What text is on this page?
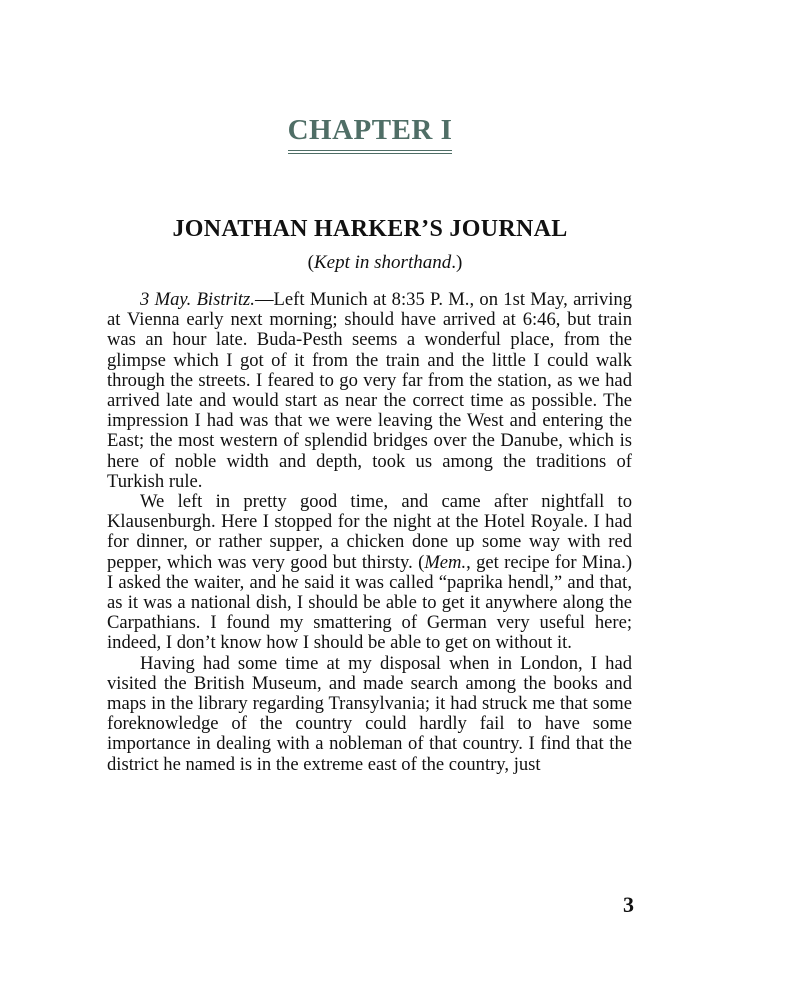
CHAPTER I
JONATHAN HARKER’S JOURNAL
(Kept in shorthand.)

3 May. Bistritz.—Left Munich at 8:35 P. M., on 1st May, arriving at Vienna early next morning; should have arrived at 6:46, but train was an hour late. Buda-Pesth seems a wonderful place, from the glimpse which I got of it from the train and the little I could walk through the streets. I feared to go very far from the station, as we had arrived late and would start as near the correct time as possible. The impression I had was that we were leaving the West and entering the East; the most western of splendid bridges over the Danube, which is here of noble width and depth, took us among the traditions of Turkish rule.

We left in pretty good time, and came after nightfall to Klausenburgh. Here I stopped for the night at the Hotel Royale. I had for dinner, or rather supper, a chicken done up some way with red pepper, which was very good but thirsty. (Mem., get recipe for Mina.) I asked the waiter, and he said it was called “paprika hendl,” and that, as it was a national dish, I should be able to get it anywhere along the Carpathians. I found my smattering of German very useful here; indeed, I don’t know how I should be able to get on without it.

Having had some time at my disposal when in London, I had visited the British Museum, and made search among the books and maps in the library regarding Transylvania; it had struck me that some foreknowledge of the country could hardly fail to have some importance in dealing with a nobleman of that country. I find that the district he named is in the extreme east of the country, just

3
